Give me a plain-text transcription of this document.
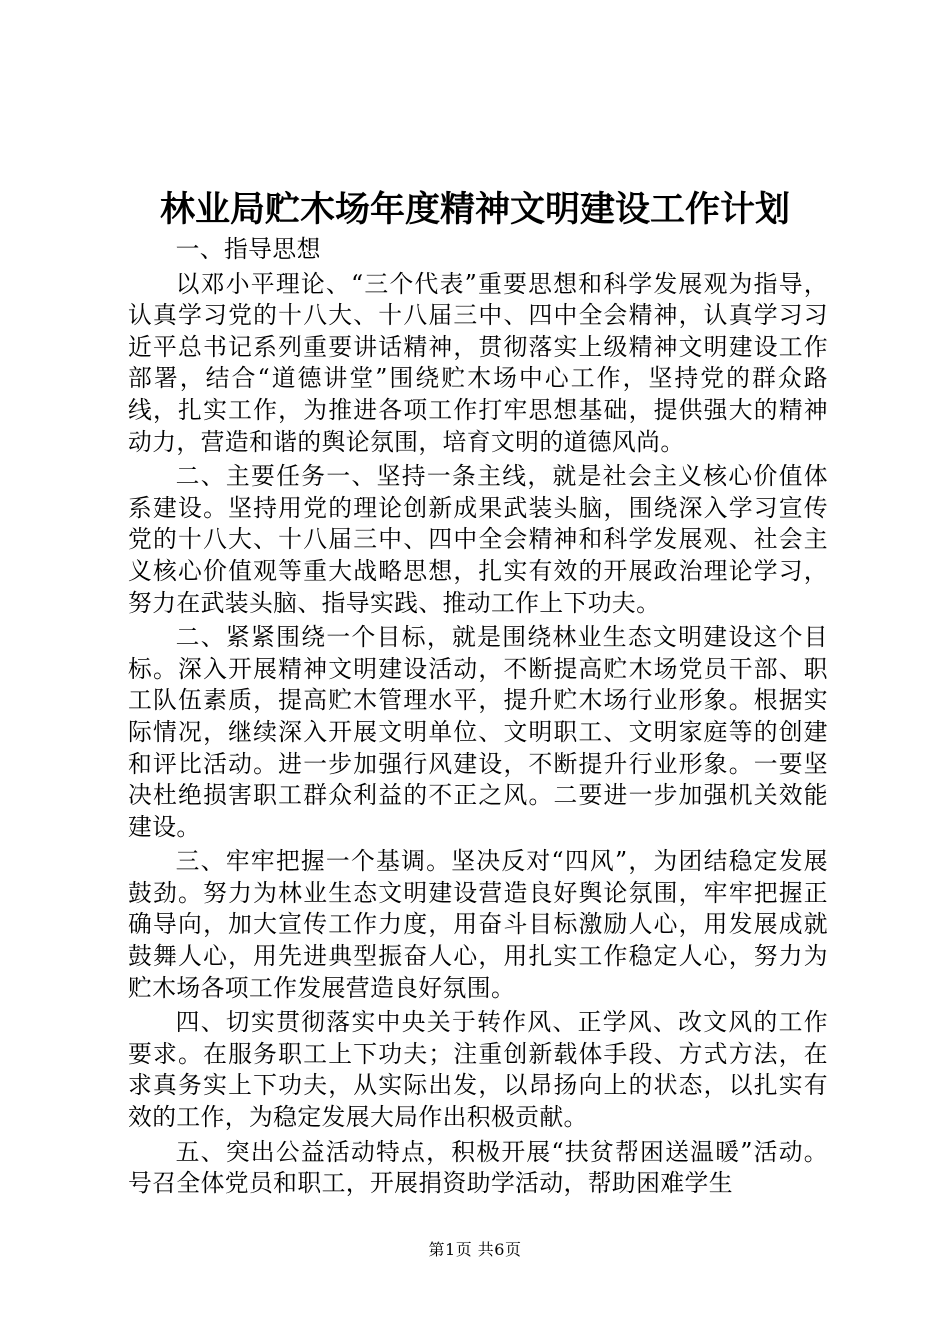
林业局贮木场年度精神文明建设工作计划

一、指导思想

以邓小平理论、“三个代表”重要思想和科学发展观为指导，认真学习党的十八大、十八届三中、四中全会精神，认真学习习近平总书记系列重要讲话精神，贯彻落实上级精神文明建设工作部署，结合“道德讲堂”围绕贮木场中心工作，坚持党的群众路线，扎实工作，为推进各项工作打牢思想基础，提供强大的精神动力，营造和谐的舆论氛围，培育文明的道德风尚。

二、主要任务一、坚持一条主线，就是社会主义核心价值体系建设。坚持用党的理论创新成果武装头脑，围绕深入学习宣传党的十八大、十八届三中、四中全会精神和科学发展观、社会主义核心价值观等重大战略思想，扎实有效的开展政治理论学习，努力在武装头脑、指导实践、推动工作上下功夫。

二、紧紧围绕一个目标，就是围绕林业生态文明建设这个目标。深入开展精神文明建设活动，不断提高贮木场党员干部、职工队伍素质，提高贮木管理水平，提升贮木场行业形象。根据实际情况，继续深入开展文明单位、文明职工、文明家庭等的创建和评比活动。进一步加强行风建设，不断提升行业形象。一要坚决杜绝损害职工群众利益的不正之风。二要进一步加强机关效能建设。

三、牢牢把握一个基调。坚决反对“四风”，为团结稳定发展鼓劲。努力为林业生态文明建设营造良好舆论氛围，牢牢把握正确导向，加大宣传工作力度，用奋斗目标激励人心，用发展成就鼓舞人心，用先进典型振奋人心，用扎实工作稳定人心，努力为贮木场各项工作发展营造良好氛围。

四、切实贯彻落实中央关于转作风、正学风、改文风的工作要求。在服务职工上下功夫；注重创新载体手段、方式方法，在求真务实上下功夫，从实际出发，以昂扬向上的状态，以扎实有效的工作，为稳定发展大局作出积极贡献。

五、突出公益活动特点，积极开展“扶贫帮困送温暖”活动。号召全体党员和职工，开展捐资助学活动，帮助困难学生

第1页 共6页
